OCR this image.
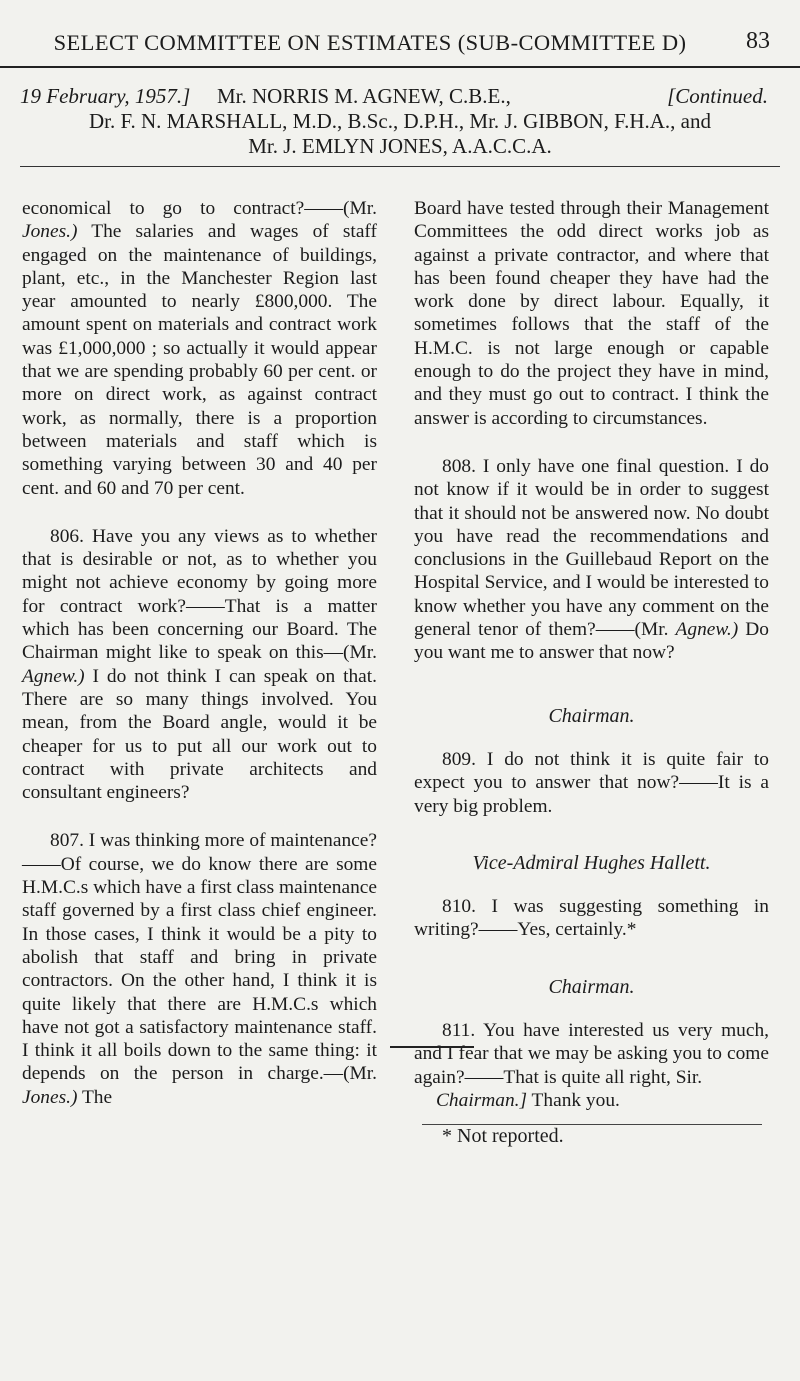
SELECT COMMITTEE ON ESTIMATES (SUB-COMMITTEE D)	83
19 February, 1957.] Mr. NORRIS M. AGNEW, C.B.E.,	[Continued.
Dr. F. N. MARSHALL, M.D., B.Sc., D.P.H., Mr. J. GIBBON, F.H.A., and
Mr. J. EMLYN JONES, A.A.C.C.A.

economical to go to contract?——(Mr. Jones.) The salaries and wages of staff engaged on the maintenance of buildings, plant, etc., in the Manchester Region last year amounted to nearly £800,000. The amount spent on materials and contract work was £1,000,000 ; so actually it would appear that we are spending probably 60 per cent. or more on direct work, as against contract work, as normally, there is a proportion between materials and staff which is something varying between 30 and 40 per cent. and 60 and 70 per cent.

806. Have you any views as to whether that is desirable or not, as to whether you might not achieve economy by going more for contract work?——That is a matter which has been concerning our Board. The Chairman might like to speak on this—(Mr. Agnew.) I do not think I can speak on that. There are so many things involved. You mean, from the Board angle, would it be cheaper for us to put all our work out to contract with private architects and consultant engineers?

807. I was thinking more of maintenance?——Of course, we do know there are some H.M.C.s which have a first class maintenance staff governed by a first class chief engineer. In those cases, I think it would be a pity to abolish that staff and bring in private contractors. On the other hand, I think it is quite likely that there are H.M.C.s which have not got a satisfactory maintenance staff. I think it all boils down to the same thing: it depends on the person in charge.—(Mr. Jones.) The

Board have tested through their Management Committees the odd direct works job as against a private contractor, and where that has been found cheaper they have had the work done by direct labour. Equally, it sometimes follows that the staff of the H.M.C. is not large enough or capable enough to do the project they have in mind, and they must go out to contract. I think the answer is according to circumstances.

808. I only have one final question. I do not know if it would be in order to suggest that it should not be answered now. No doubt you have read the recommendations and conclusions in the Guillebaud Report on the Hospital Service, and I would be interested to know whether you have any comment on the general tenor of them?——(Mr. Agnew.) Do you want me to answer that now?

Chairman.

809. I do not think it is quite fair to expect you to answer that now?——It is a very big problem.

Vice-Admiral Hughes Hallett.

810. I was suggesting something in writing?——Yes, certainly.*

Chairman.

811. You have interested us very much, and I fear that we may be asking you to come again?——That is quite all right, Sir.

Chairman.] Thank you.

* Not reported.
